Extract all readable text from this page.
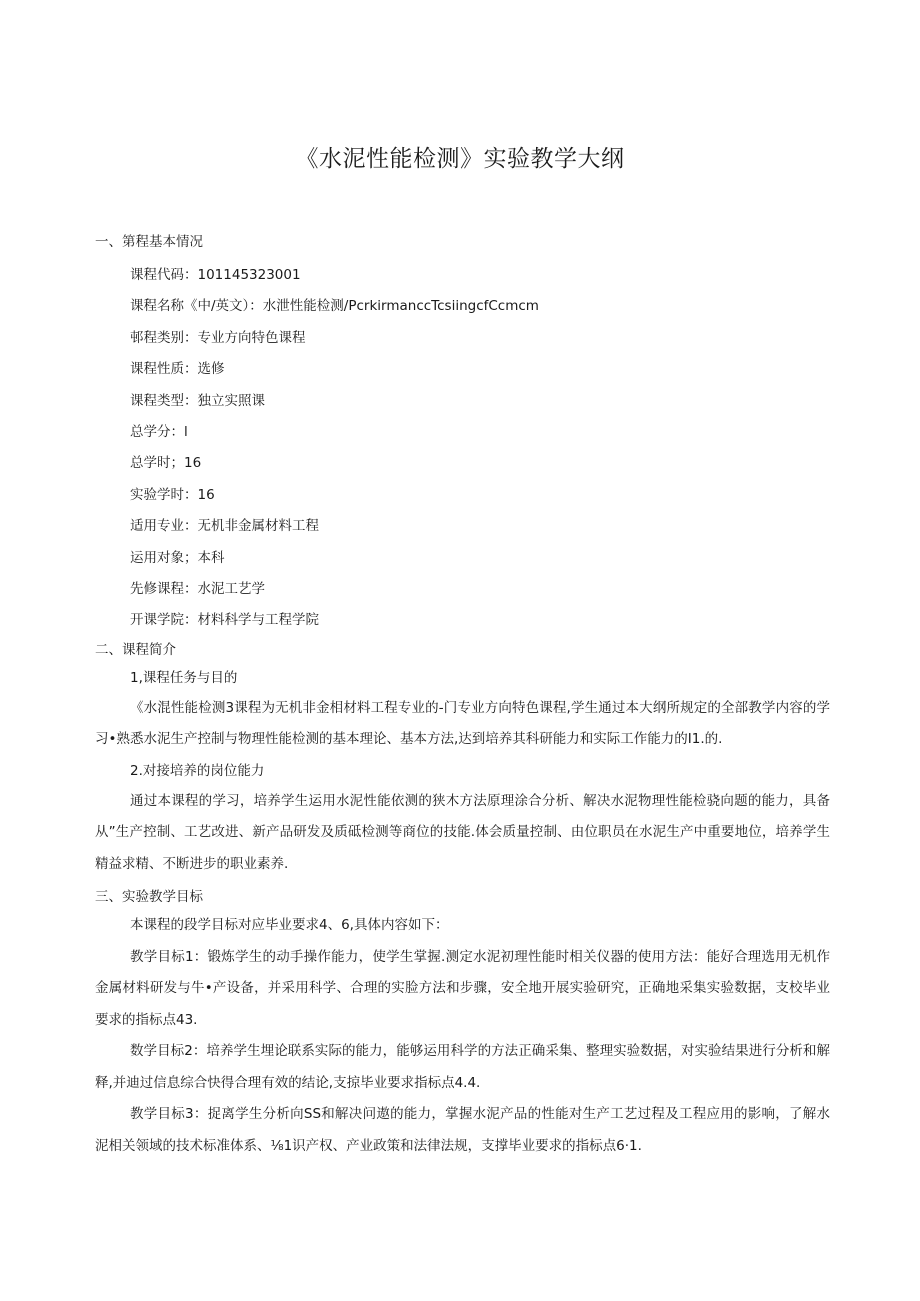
《水泥性能检测》实验教学大纲
一、第程基本情况
课程代码：101145323001
课程名称《中/英文）：水泄性能检测/PcrkirmanccTcsiingcfCcmcm
邨程类别：专业方向特色课程
课程性质：选修
课程类型：独立实照课
总学分：l
总学时；16
实验学时：16
适用专业：无机非金属材料工程
运用对象；本科
先修课程：水泥工艺学
开课学院：材料科学与工程学院
二、课程简介
1,课程任务与目的

《水混性能检测3课程为无机非金相材料工程专业的-门专业方向特色课程,学生通过本大纲所规定的全部教学内容的学习•熟悉水泥生产控制与物理性能检测的基本理论、基本方法,达到培养其科研能力和实际工作能力的I1.的.

2.对接培养的岗位能力

通过本课程的学习，培养学生运用水泥性能依测的狭木方法原理涂合分析、解决水泥物理性能检骁向题的能力，具备从”生产控制、工艺改进、新产品研发及质砥检测等商位的技能.体会质量控制、由位职员在水泥生产中重要地位，培养学生精益求精、不断进步的职业素养.

三、实验教学目标

本课程的段学目标对应毕业要求4、6,具体内容如下：

教学目标1：锻炼学生的动手操作能力，使学生掌握.测定水泥初理性能时相关仪器的使用方法：能好合理选用无机作金属材料研发与牛•产设备，并采用科学、合理的实脸方法和步骤，安全地开展实验研究，正确地采集实验数据，支校毕业要求的指标点43.

数学目标2：培养学生埋论联系实际的能力，能够运用科学的方法正确采集、整理实验数据，对实验结果进行分析和解释,并迪过信息综合快得合理有效的结论,支掠毕业要求指标点4.4.

教学目标3：捉离学生分析向SS和解决问遨的能力，掌握水泥产品的性能对生产工艺过程及工程应用的影响，了解水泥相关领域的技术标准体系、⅛1识产权、产业政策和法律法规，支撑毕业要求的指标点6·1.
